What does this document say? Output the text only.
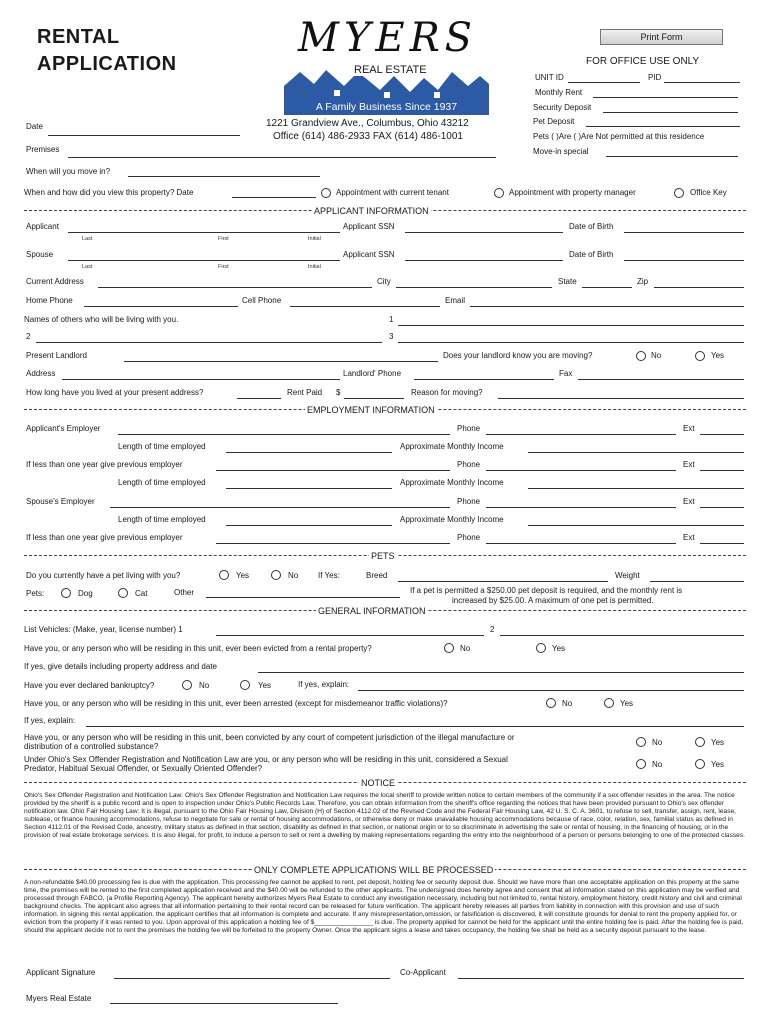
RENTAL
APPLICATION
MYERS
REAL ESTATE
A Family Business Since 1937
1221 Grandview Ave., Columbus, Ohio 43212
Office (614) 486-2933 FAX (614) 486-1001
Print Form
FOR OFFICE USE ONLY
UNIT ID	PID
Monthly Rent
Security Deposit
Pet Deposit
Pets ( )Are ( )Are Not permitted at this residence
Move-in special
Date
Premises
When will you move in?
When and how did you view this property? Date	Appointment with current tenant	Appointment with property manager	Office Key
APPLICANT INFORMATION
Applicant
Last	First	Initial
Applicant SSN	Date of Birth
Spouse
Last	First	Initial
Applicant SSN	Date of Birth
Current Address	City	State	Zip
Home Phone	Cell Phone	Email
Names of others who will be living with you.	1
2	3
Present Landlord	Does your landlord know you are moving?	No	Yes
Address	Landlord' Phone	Fax
How long have you lived at your present address?	Rent Paid $	Reason for moving?
EMPLOYMENT INFORMATION
Applicant's Employer	Phone	Ext
Length of time employed	Approximate Monthly Income
If less than one year give previous employer	Phone	Ext
Length of time employed	Approximate Monthly Income
Spouse's Employer	Phone	Ext
Length of time employed	Approximate Monthly Income
If less than one year give previous employer	Phone	Ext
PETS
Do you currently have a pet living with you?	Yes	No If Yes:	Breed	Weight
Pets:	Dog	Cat	Other	If a pet is permitted a $250.00 pet deposit is required, and the monthly rent is
increased by $25.00. A maximum of one pet is permitted.
GENERAL INFORMATION
List Vehicles: (Make, year, license number) 1	2
Have you, or any person who will be residing in this unit, ever been evicted from a rental property?	No	Yes
If yes, give details including property address and date
Have you ever declared bankruptcy?	No	Yes	If yes, explain:
Have you, or any person who will be residing in this unit, ever been arrested (except for misdemeanor traffic violations)?	No	Yes
If yes, explain:
Have you, or any person who will be residing in this unit, been convicted by any court of competent jurisdiction of the illegal manufacture or
distribution of a controlled substance?	No	Yes
Under Ohio's Sex Offender Registration and Notification Law are you, or any person who will be residing in this unit, considered a Sexual
Predator, Habitual Sexual Offender, or Sexually Oriented Offender?	No	Yes
NOTICE
Ohio's Sex Offender Registration and Notification Law: Ohio's Sex Offender Registration and Notification Law requires the local sheriff to provide written notice to certain members of the community if a sex offender resides in the area. The notice provided by the sheriff is a public record and is open to inspection under Ohio's Public Records Law. Therefore, you can obtain information from the sheriff's office regarding the notices that have been provided pursuant to Ohio's sex offender notification law. Ohio Fair Housing Law: It is illegal, pursuant to the Ohio Fair Housing Law, Division (H) of Section 4112.02 of the Revised Code and the Federal Fair Housing Law, 42 U. S. C. A. 3601, to refuse to sell, transfer, assign, rent, lease, sublease, or finance housing accommodations, refuse to negotiate for sale or rental of housing accommodations, or otherwise deny or make unavailable housing accommodations because of race, color, relation, sex, familial status as defined in Section 4112.01 of the Revised Code, ancestry, military status as defined in that section, disability as defined in that section, or national origin or to so discriminate in advertising the sale or rental of housing, in the financing of housing, or in the provision of real estate brokerage services. It is also illegal, for profit, to induce a person to sell or rent a dwelling by making representations regarding the entry into the neighborhood of a person or persons belonging to one of the protected classes.
ONLY COMPLETE APPLICATIONS WILL BE PROCESSED
A non-refundable $40.00 processing fee is due with the application. This processing fee cannot be applied to rent, pet deposit, holding fee or security deposit due. Should we have more than one acceptable application on this property at the same time, the premises will be rented to the first completed application received and the $40.00 will be refunded to the other applicants. The undersigned does hereby agree and consent that all information stated on this application may be verified and processed through FABCO, (a Profile Reporting Agency). The applicant hereby authorizes Myers Real Estate to conduct any investigation necessary, including but not limited to, rental history, employment history, credit history and civil and criminal background checks. The applicant also agrees that all information pertaining to their rental record can be released for future verification. The applicant hereby releases all parties from liability in connection with this provision and use of such information. In signing this rental application, the applicant certifies that all information is complete and accurate. If any misrepresentation,omission, or falsification is discovered, it will constitute grounds for denial to rent the property applied for, or eviction from the property if it was rented to you. Upon approval of this application a holding fee of $________________ is due. The property applied for cannot be held for the applicant until the entire holding fee is paid. After the holding fee is paid, should the applicant decide not to rent the premises the holding fee will be forfeited to the property Owner. Once the applicant signs a lease and takes occupancy, the holding fee shall be held as a security deposit pursuant to the lease.
Applicant Signature	Co-Applicant
Myers Real Estate
